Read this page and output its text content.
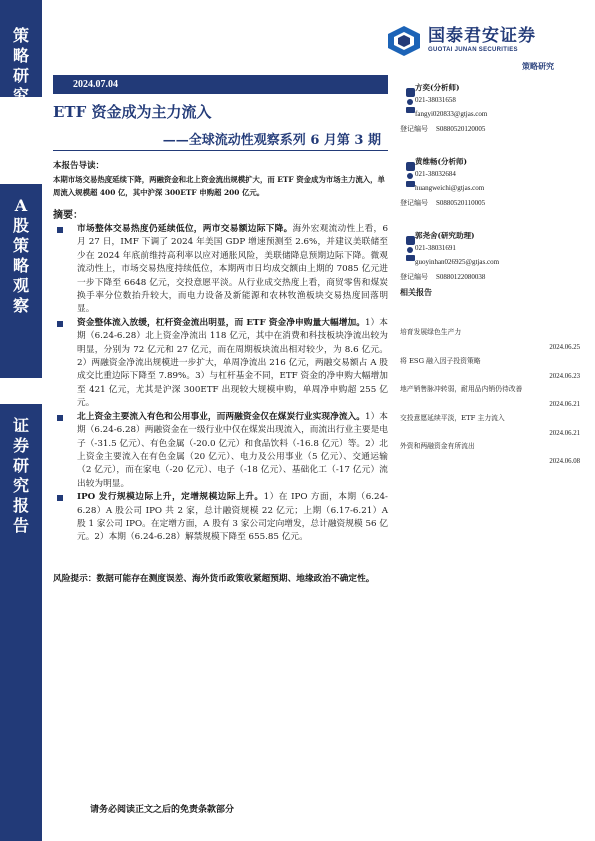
策
略
研
究
A
股
策
略
观
察
证
券
研
究
报
告
国泰君安证券
GUOTAI JUNAN SECURITIES
策略研究
2024.07.04
ETF 资金成为主力流入
——全球流动性观察系列 6 月第 3 期
本报告导读：
本期市场交易热度延续下降，两融资金和北上资金流出规模扩大，而 ETF 资金成为市场主力流入，单周流入规模超 400 亿，其中沪深 300ETF 申购超 200 亿元。
摘要：
市场整体交易热度仍延续低位，两市交易额边际下降。海外宏观流动性上看，6 月 27 日，IMF 下调了 2024 年美国 GDP 增速预测至 2.6%，并建议美联储至少在 2024 年底前维持高利率以应对通胀风险，美联储降息预期边际下降。微观流动性上，市场交易热度持续低位，本期两市日均成交额由上期的 7085 亿元进一步下降至 6648 亿元，交投意愿平淡。从行业成交热度上看，商贸零售和煤炭换手率分位数抬升较大，而电力设备及新能源和农林牧渔板块交易热度回落明显。
资金整体流入放缓，杠杆资金流出明显，而 ETF 资金净申购量大幅增加。1）本期（6.24-6.28）北上资金净流出 118 亿元，其中在消费和科技板块净流出较为明显，分别为 72 亿元和 27 亿元，而在周期板块流出相对较少，为 8.6 亿元。2）两融资金净流出规模进一步扩大，单周净流出 216 亿元，两融交易额占 A 股成交比重边际下降至 7.89%。3）与杠杆基金不同，ETF 资金的净申购大幅增加至 421 亿元，尤其是沪深 300ETF 出现较大规模申购，单周净申购超 255 亿元。
北上资金主要流入有色和公用事业，而两融资金仅在煤炭行业实现净流入。1）本期（6.24-6.28）两融资金在一级行业中仅在煤炭出现流入，而流出行业主要是电子（-31.5 亿元）、有色金属（-20.0 亿元）和食品饮料（-16.8 亿元）等。2）北上资金主要流入在有色金属（20 亿元）、电力及公用事业（5 亿元）、交通运输（2 亿元），而在家电（-20 亿元）、电子（-18 亿元）、基础化工（-17 亿元）流出较为明显。
IPO 发行规模边际上升，定增规模边际上升。1）在 IPO 方面，本期（6.24-6.28）A 股公司 IPO 共 2 家，总计融资规模 22 亿元；上期（6.17-6.21）A 股 1 家公司 IPO。在定增方面，A 股有 3 家公司定向增发，总计融资规模 56 亿元。2）本期（6.24-6.28）解禁规模下降至 655.85 亿元。
风险提示：数据可能存在测度误差、海外货币政策收紧超预期、地缘政治不确定性。
方奕(分析师)
021-38031658
fangyi020833@gtjas.com
登记编号 S0880520120005
黄维畅(分析师)
021-38032684
huangweichi@gtjas.com
登记编号 S0880520110005
郭尧舍(研究助理)
021-38031691
guoyinhan026925@gtjas.com
登记编号 S0880122080038
相关报告
培育发展绿色生产力
2024.06.25
将 ESG 融入因子投资策略
2024.06.23
地产销售脉冲转弱，耐用品内销仍待改善
2024.06.21
交投意愿延续平淡，ETF 主力流入
2024.06.21
外资和两融资金有所流出
2024.06.08
请务必阅读正文之后的免责条款部分
